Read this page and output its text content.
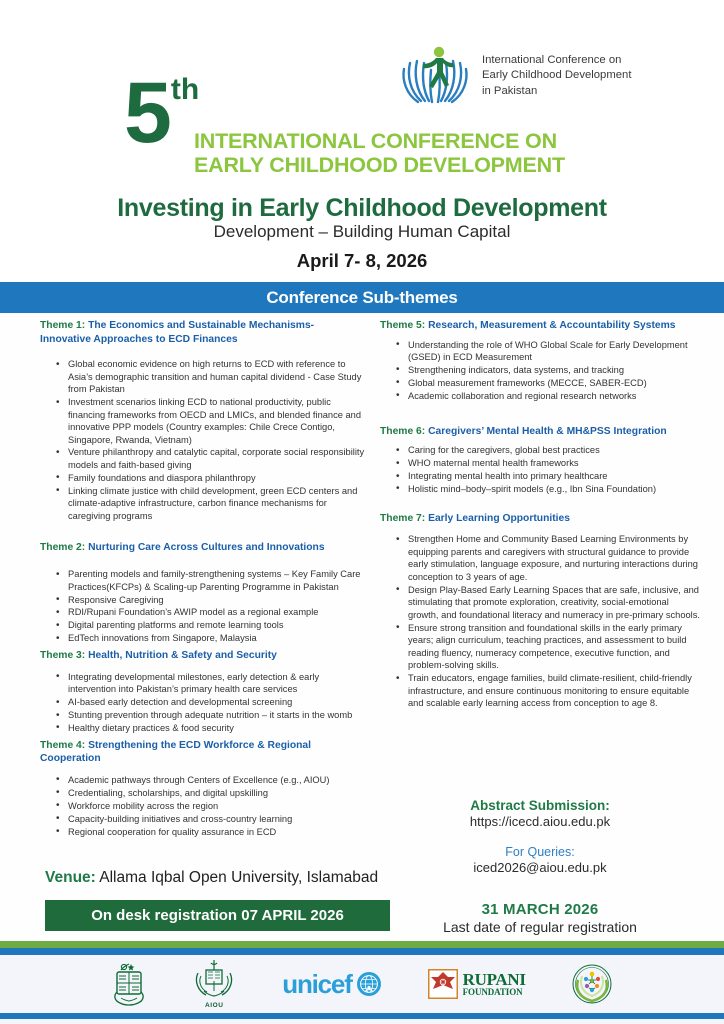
International Conference on
Early Childhood Development
in Pakistan
5 th
INTERNATIONAL CONFERENCE ON
EARLY CHILDHOOD DEVELOPMENT
Investing in Early Childhood Development
Development – Building Human Capital
April 7- 8, 2026
Conference Sub-themes
Theme 1: The Economics and Sustainable Mechanisms-Innovative Approaches to ECD Finances
• Global economic evidence on high returns to ECD with reference to Asia’s demographic transition and human capital dividend - Case Study from Pakistan
• Investment scenarios linking ECD to national productivity, public financing frameworks from OECD and LMICs, and blended finance and innovative PPP models (Country examples: Chile Crece Contigo, Singapore, Rwanda, Vietnam)
• Venture philanthropy and catalytic capital, corporate social responsibility models and faith-based giving
• Family foundations and diaspora philanthropy
• Linking climate justice with child development, green ECD centers and climate-adaptive infrastructure, carbon finance mechanisms for caregiving programs
Theme 2: Nurturing Care Across Cultures and Innovations
• Parenting models and family-strengthening systems – Key Family Care Practices(KFCPs) & Scaling-up Parenting Programme in Pakistan
• Responsive Caregiving
• RDI/Rupani Foundation’s AWIP model as a regional example
• Digital parenting platforms and remote learning tools
• EdTech innovations from Singapore, Malaysia
Theme 3: Health, Nutrition & Safety and Security
• Integrating developmental milestones, early detection & early intervention into Pakistan’s primary health care services
• AI-based early detection and developmental screening
• Stunting prevention through adequate nutrition – it starts in the womb
• Healthy dietary practices & food security
Theme 4: Strengthening the ECD Workforce & Regional Cooperation
• Academic pathways through Centers of Excellence (e.g., AIOU)
• Credentialing, scholarships, and digital upskilling
• Workforce mobility across the region
• Capacity-building initiatives and cross-country learning
• Regional cooperation for quality assurance in ECD
Theme 5: Research, Measurement & Accountability Systems
• Understanding the role of WHO Global Scale for Early Development (GSED) in ECD Measurement
• Strengthening indicators, data systems, and tracking
• Global measurement frameworks (MECCE, SABER-ECD)
• Academic collaboration and regional research networks
Theme 6: Caregivers’ Mental Health & MH&PSS Integration
• Caring for the caregivers, global best practices
• WHO maternal mental health frameworks
• Integrating mental health into primary healthcare
• Holistic mind–body–spirit models (e.g., Ibn Sina Foundation)
Theme 7: Early Learning Opportunities
• Strengthen Home and Community Based Learning Environments by equipping parents and caregivers with structural guidance to provide early stimulation, language exposure, and nurturing interactions during conception to 3 years of age.
• Design Play-Based Early Learning Spaces that are safe, inclusive, and stimulating that promote exploration, creativity, social-emotional growth, and foundational literacy and numeracy in pre-primary schools.
• Ensure strong transition and foundational skills in the early primary years; align curriculum, teaching practices, and assessment to build reading fluency, numeracy competence, executive function, and problem-solving skills.
• Train educators, engage families, build climate-resilient, child-friendly infrastructure, and ensure continuous monitoring to ensure equitable and scalable early learning access from conception to age 8.
Abstract Submission:
https://icecd.aiou.edu.pk
For Queries:
iced2026@aiou.edu.pk
31 MARCH 2026
Last date of regular registration
Venue: Allama Iqbal Open University, Islamabad
On desk registration 07 APRIL 2026
AIOU
unicef	RUPANI
FOUNDATION
